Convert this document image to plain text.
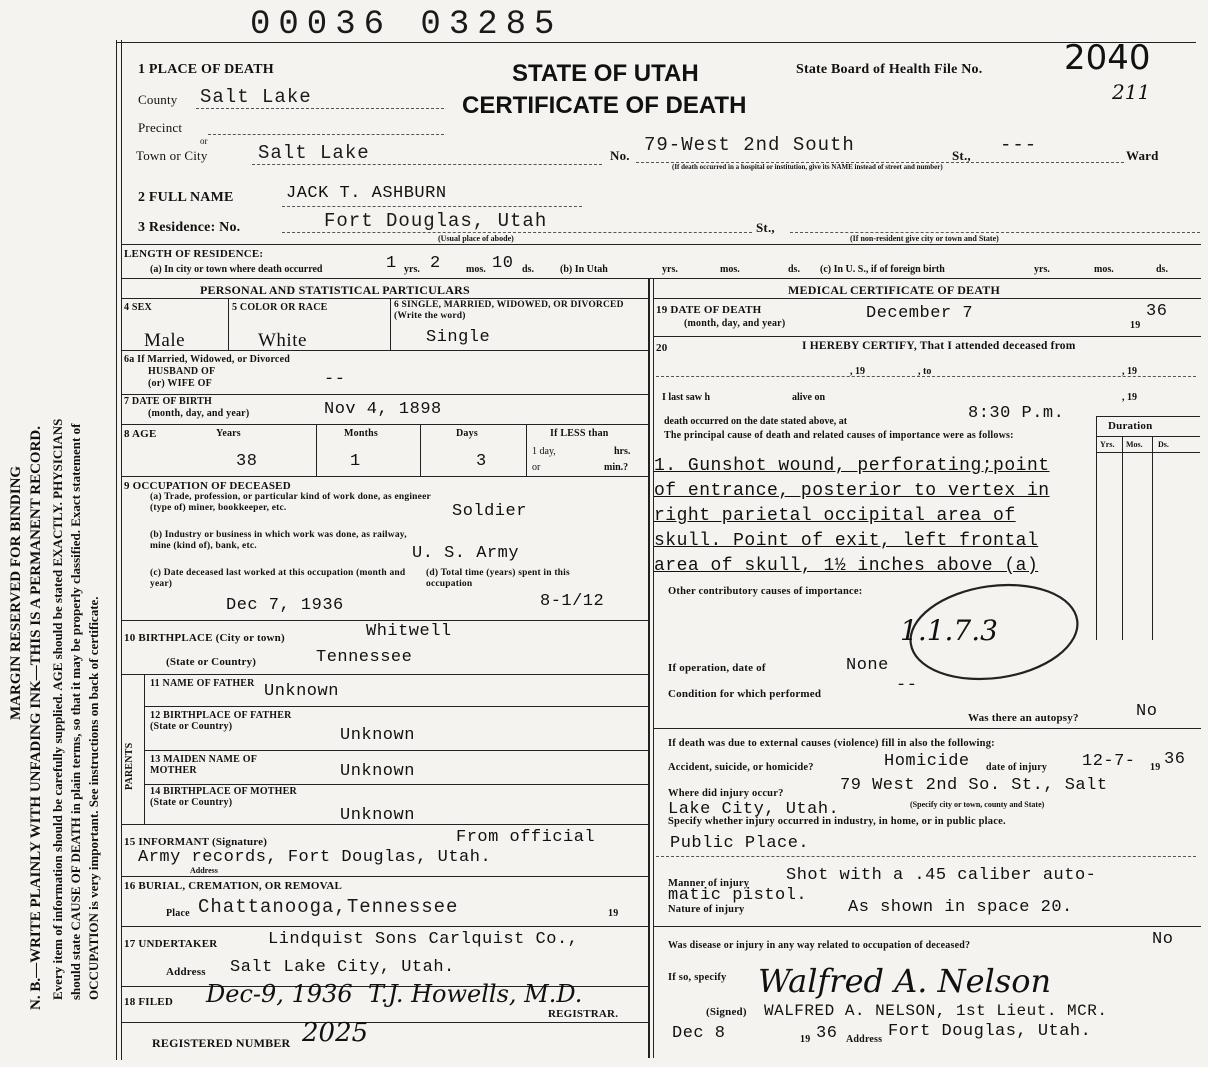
MARGIN RESERVED FOR BINDING N. B.—WRITE PLAINLY WITH UNFADING INK—THIS IS A PERMANENT RECORD. Every item of information should be carefully supplied. AGE should be stated EXACTLY. PHYSICIANS should state CAUSE OF DEATH in plain terms, so that it may be properly classified. Exact statement of OCCUPATION is very important. See instructions on back of certificate.
00036 03285
STATE OF UTAH
CERTIFICATE OF DEATH
State Board of Health File No. 2040
211
1 PLACE OF DEATH
County Salt Lake
Precinct
or
Town or City	Salt Lake	No. 79-West 2nd South	St., ---	Ward
(If death occurred in a hospital or institution, give its NAME instead of street and number)
2 FULL NAME	JACK T. ASHBURN
3 Residence: No.	Fort Douglas, Utah
(Usual place of abode)
St.,
(If non-resident give city or town and State)
LENGTH OF RESIDENCE:
(a) In city or town where death occurred	1 yrs. 2	mos. 10 ds.	(b) In Utah	yrs.	mos.	ds. (c) In U. S., if of foreign birth	yrs.	mos.	ds.
PERSONAL AND STATISTICAL PARTICULARS
4 SEX
Male
5 COLOR OR RACE
White
6 SINGLE, MARRIED, WIDOWED, OR DIVORCED (Write the word)
Single
6a If Married, Widowed, or Divorced
HUSBAND OF
(or) WIFE OF	--
7 DATE OF BIRTH
(month, day, and year)	Nov 4, 1898
8 AGE	Years
38
Months
1
Days
3
If LESS than
1 day,	hrs.
or	min.?
9 OCCUPATION OF DECEASED
(a) Trade, profession, or particular kind of work done, as engineer (type of) miner, bookkeeper, etc.	Soldier
(b) Industry or business in which work was done, as railway, mine (kind of), bank, etc.	U. S. Army
(c) Date deceased last worked at this occupation (month and year)
Dec 7, 1936
(d) Total time (years) spent in this occupation
8-1/12
10 BIRTHPLACE (City or town)	Whitwell
(State or Country)	Tennessee
PARENTS
11 NAME OF FATHER Unknown
12 BIRTHPLACE OF FATHER (State or Country)	Unknown
13 MAIDEN NAME OF MOTHER	Unknown
14 BIRTHPLACE OF MOTHER (State or Country)
Unknown
15 INFORMANT (Signature)	From official
Army records, Fort Douglas, Utah.
Address
16 BURIAL, CREMATION, OR REMOVAL
Place Chattanooga,Tennessee	19
17 UNDERTAKER	Lindquist Sons Carlquist Co.,
Address Salt Lake City, Utah.
18 FILED Dec-9, 1936 T.J. Howells, M.D.
REGISTRAR.
REGISTERED NUMBER 2025
MEDICAL CERTIFICATE OF DEATH
19 DATE OF DEATH
(month, day, and year)
December 7
19
36
20	I HEREBY CERTIFY, That I attended deceased from
, 19	, to	, 19
I last saw h	alive on	, 19
death occurred on the date stated above, at	8:30 P.m.
The principal cause of death and related causes of importance were as follows:
Duration
Yrs. Mos. Ds.
1. Gunshot wound, perforating;point
of entrance, posterior to vertex in
right parietal occipital area of
skull. Point of exit, left frontal
area of skull, 1½ inches above (a)
Other contributory causes of importance:
1.1.7.3
If operation, date of	None
Condition for which performed	--
Was there an autopsy?	No
If death was due to external causes (violence) fill in also the following:
Accident, suicide, or homicide?	Homicide date of injury 12-7- 19 36
Where did injury occur?	79 West 2nd So. St., Salt
Lake City, Utah.	(Specify city or town, county and State)
Specify whether injury occurred in industry, in home, or in public place.
Public Place.
Manner of injury Shot with a .45 caliber auto-
matic pistol.
Nature of injury	As shown in space 20.
Was disease or injury in any way related to occupation of deceased?	No
If so, specify Walfred A. Nelson
(Signed) WALFRED A. NELSON, 1st Lieut. MCR.
Dec 8	19 36 Address Fort Douglas, Utah.
